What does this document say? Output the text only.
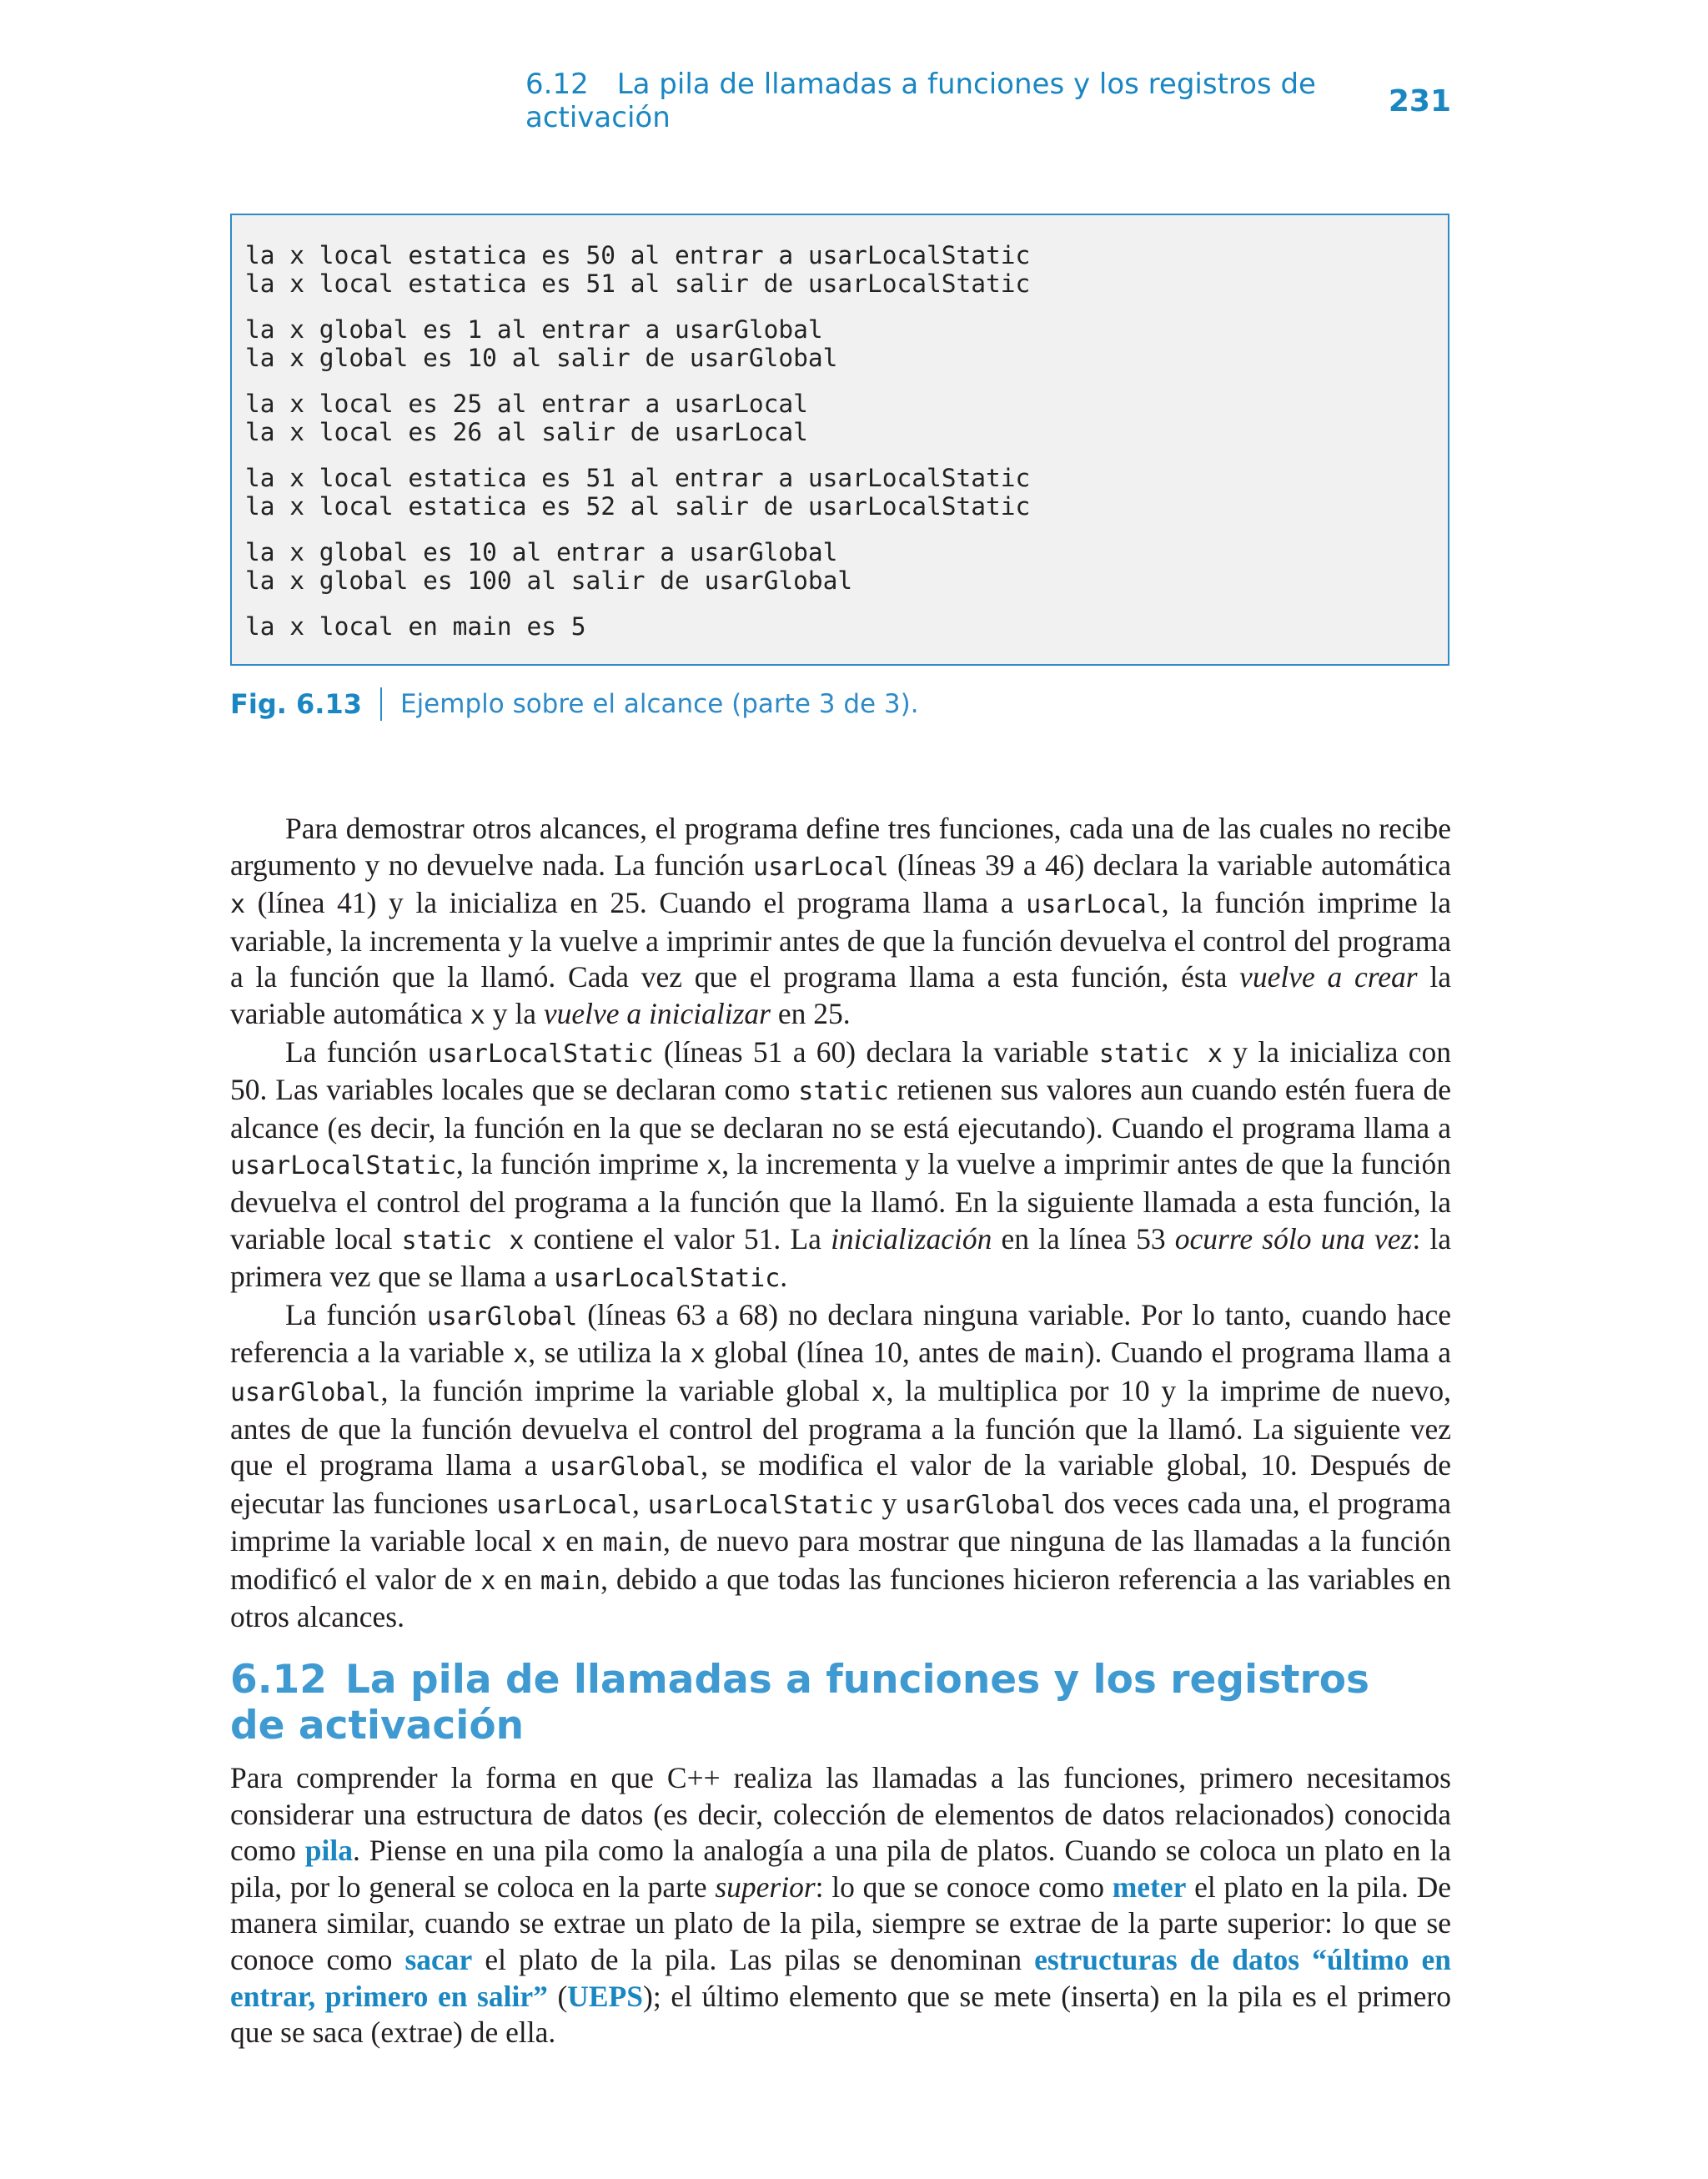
6.12  La pila de llamadas a funciones y los registros de activación	231
la x local estatica es 50 al entrar a usarLocalStatic
la x local estatica es 51 al salir de usarLocalStatic
la x global es 1 al entrar a usarGlobal
la x global es 10 al salir de usarGlobal
la x local es 25 al entrar a usarLocal
la x local es 26 al salir de usarLocal
la x local estatica es 51 al entrar a usarLocalStatic
la x local estatica es 52 al salir de usarLocalStatic
la x global es 10 al entrar a usarGlobal
la x global es 100 al salir de usarGlobal
la x local en main es 5
Fig. 6.13 Ejemplo sobre el alcance (parte 3 de 3).

Para demostrar otros alcances, el programa define tres funciones, cada una de las cuales no recibe argumento y no devuelve nada. La función usarLocal (líneas 39 a 46) declara la variable automática x (línea 41) y la inicializa en 25. Cuando el programa llama a usarLocal, la función imprime la variable, la incrementa y la vuelve a imprimir antes de que la función devuelva el control del programa a la función que la llamó. Cada vez que el programa llama a esta función, ésta vuelve a crear la variable automática x y la vuelve a inicializar en 25.

La función usarLocalStatic (líneas 51 a 60) declara la variable static x y la inicializa con 50. Las variables locales que se declaran como static retienen sus valores aun cuando estén fuera de alcance (es decir, la función en la que se declaran no se está ejecutando). Cuando el programa llama a usarLocalStatic, la función imprime x, la incrementa y la vuelve a imprimir antes de que la función devuelva el control del programa a la función que la llamó. En la siguiente llamada a esta función, la variable local static x contiene el valor 51. La inicialización en la línea 53 ocurre sólo una vez: la primera vez que se llama a usarLocalStatic.

La función usarGlobal (líneas 63 a 68) no declara ninguna variable. Por lo tanto, cuando hace referencia a la variable x, se utiliza la x global (línea 10, antes de main). Cuando el programa llama a usarGlobal, la función imprime la variable global x, la multiplica por 10 y la imprime de nuevo, antes de que la función devuelva el control del programa a la función que la llamó. La siguiente vez que el programa llama a usarGlobal, se modifica el valor de la variable global, 10. Después de ejecutar las funciones usarLocal, usarLocalStatic y usarGlobal dos veces cada una, el programa imprime la variable local x en main, de nuevo para mostrar que ninguna de las llamadas a la función modificó el valor de x en main, debido a que todas las funciones hicieron referencia a las variables en otros alcances.

6.12 La pila de llamadas a funciones y los registros
de activación

Para comprender la forma en que C++ realiza las llamadas a las funciones, primero necesitamos considerar una estructura de datos (es decir, colección de elementos de datos relacionados) conocida como pila. Piense en una pila como la analogía a una pila de platos. Cuando se coloca un plato en la pila, por lo general se coloca en la parte superior: lo que se conoce como meter el plato en la pila. De manera similar, cuando se extrae un plato de la pila, siempre se extrae de la parte superior: lo que se conoce como sacar el plato de la pila. Las pilas se denominan estructuras de datos “último en entrar, primero en salir” (UEPS); el último elemento que se mete (inserta) en la pila es el primero que se saca (extrae) de ella.
